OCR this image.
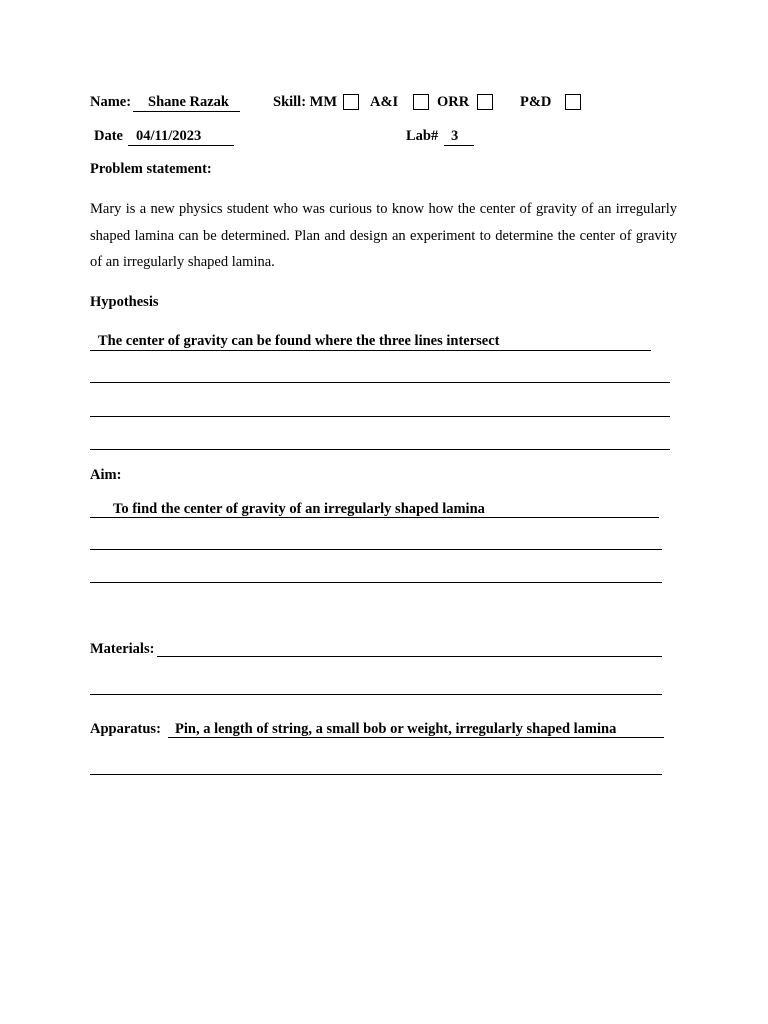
Name:	Shane Razak	Skill: MM A&I	ORR	P&D
Date 04/11/2023	Lab# 3
Problem statement:
Mary is a new physics student who was curious to know how the center of gravity of an irregularly shaped lamina can be determined. Plan and design an experiment to determine the center of gravity of an irregularly shaped lamina.
Hypothesis
The center of gravity can be found where the three lines intersect
Aim:
To find the center of gravity of an irregularly shaped lamina
Materials:
Apparatus: Pin, a length of string, a small bob or weight, irregularly shaped lamina
